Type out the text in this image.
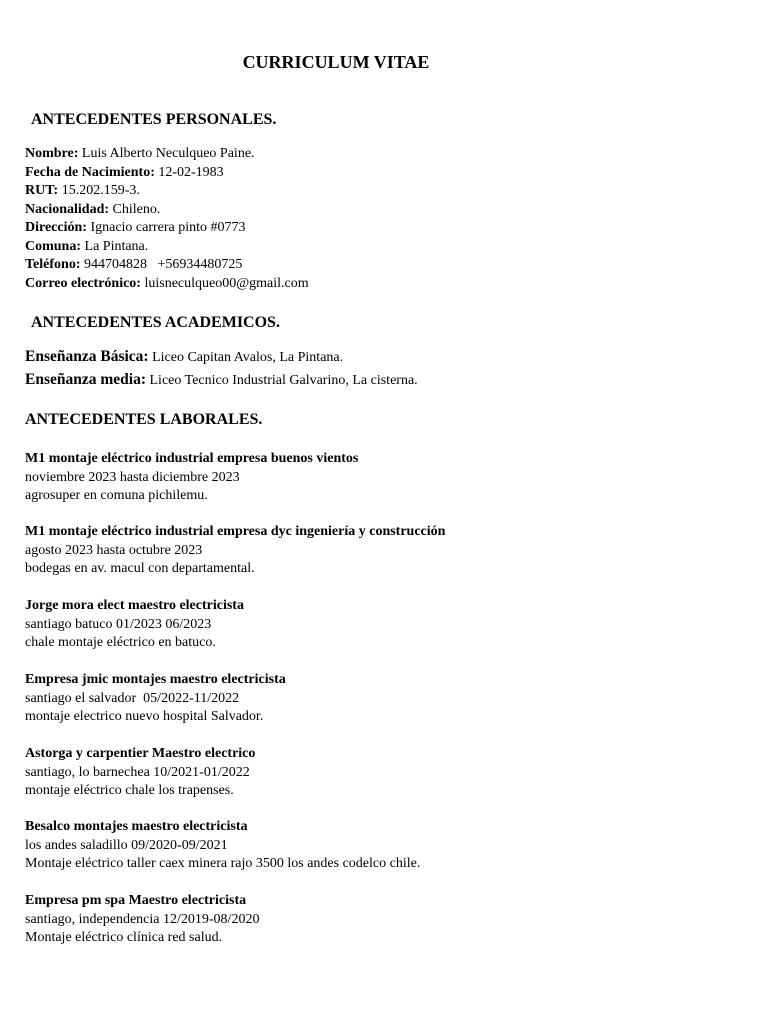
CURRICULUM VITAE
ANTECEDENTES PERSONALES.
Nombre: Luis Alberto Neculqueo Paine.
Fecha de Nacimiento: 12-02-1983
RUT: 15.202.159-3.
Nacionalidad: Chileno.
Dirección: Ignacio carrera pinto #0773
Comuna: La Pintana.
Teléfono: 944704828   +56934480725
Correo electrónico: luisneculqueo00@gmail.com
ANTECEDENTES ACADEMICOS.
Enseñanza Básica: Liceo Capitan Avalos, La Pintana.
Enseñanza media: Liceo Tecnico Industrial Galvarino, La cisterna.
ANTECEDENTES LABORALES.
M1 montaje eléctrico industrial empresa buenos vientos
noviembre 2023 hasta diciembre 2023
agrosuper en comuna pichilemu.
M1 montaje eléctrico industrial empresa dyc ingeniería y construcción
agosto 2023 hasta octubre 2023
bodegas en av. macul con departamental.
Jorge mora elect maestro electricista
santiago batuco 01/2023 06/2023
chale montaje eléctrico en batuco.
Empresa jmic montajes maestro electricista
santiago el salvador  05/2022-11/2022
montaje electrico nuevo hospital Salvador.
Astorga y carpentier Maestro electrico
santiago, lo barnechea 10/2021-01/2022
montaje eléctrico chale los trapenses.
Besalco montajes maestro electricista
los andes saladillo 09/2020-09/2021
Montaje eléctrico taller caex minera rajo 3500 los andes codelco chile.
Empresa pm spa Maestro electricista
santiago, independencia 12/2019-08/2020
Montaje eléctrico clínica red salud.
